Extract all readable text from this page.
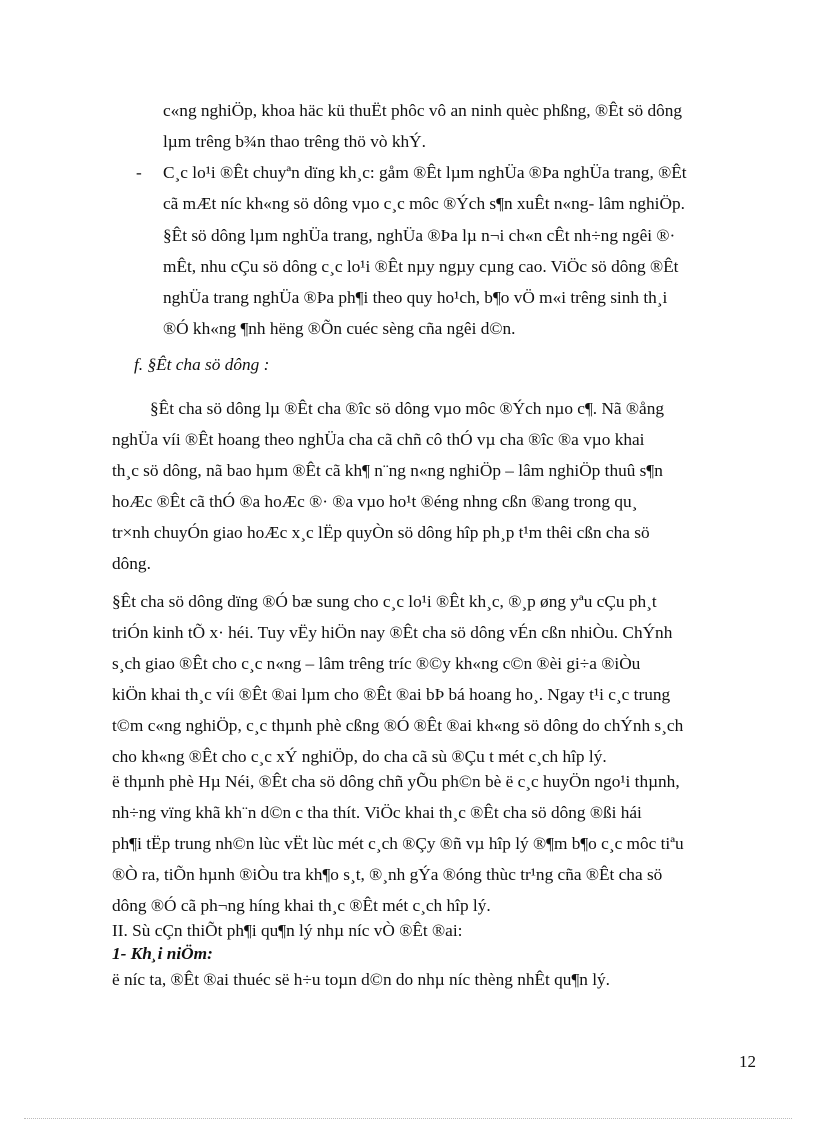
c«ng nghiÖp, khoa häc kü thuËt phôc vô an ninh quèc phßng, ®Êt sö dông
lµm trêng b¾n thao trêng thö vò khÝ.
- C¸c lo¹i ®Êt chuyªn dïng kh¸c: gåm ®Êt lµm nghÜa ®Þa nghÜa trang, ®Êt
cã mÆt níc kh«ng sö dông vµo c¸c môc ®Ých s¶n xuÊt n«ng- lâm nghiÖp.
§Êt sö dông lµm nghÜa trang, nghÜa ®Þa lµ n¬i ch«n cÊt nh÷ng ngêi ®·
mÊt, nhu cÇu sö dông c¸c lo¹i ®Êt nµy ngµy cµng cao. ViÖc sö dông ®Êt
nghÜa trang nghÜa ®Þa ph¶i theo quy ho¹ch, b¶o vÖ m«i trêng sinh th¸i
®Ó kh«ng ¶nh hëng ®Õn cuéc sèng cña ngêi d©n.
f. §Êt cha sö dông :
§Êt cha sö dông lµ ®Êt cha ®îc sö dông vµo môc ®Ých nµo c¶. Nã ®ång
nghÜa víi ®Êt hoang theo nghÜa cha cã chñ cô thÓ vµ cha ®îc ®a vµo khai
th¸c sö dông, nã bao hµm ®Êt cã kh¶ n¨ng n«ng nghiÖp – lâm nghiÖp thuû s¶n
hoÆc ®Êt cã thÓ ®a hoÆc ®· ®a vµo ho¹t ®éng nhng cßn ®ang trong qu¸
tr×nh chuyÓn giao hoÆc x¸c lËp quyÒn sö dông hîp ph¸p t¹m thêi cßn cha sö
dông.
§Êt cha sö dông dïng ®Ó bæ sung cho c¸c lo¹i ®Êt kh¸c, ®¸p øng yªu cÇu ph¸t
triÓn kinh tÕ x· héi. Tuy vËy hiÖn nay ®Êt cha sö dông vÉn cßn nhiÒu. ChÝnh
s¸ch giao ®Êt cho c¸c n«ng – lâm trêng tríc ®©y kh«ng c©n ®èi gi÷a ®iÒu
kiÖn khai th¸c víi ®Êt ®ai lµm cho ®Êt ®ai bÞ bá hoang ho¸. Ngay t¹i c¸c trung
t©m c«ng nghiÖp, c¸c thµnh phè cßng ®Ó ®Êt ®ai kh«ng sö dông do chÝnh s¸ch
cho kh«ng ®Êt cho c¸c xÝ nghiÖp, do cha cã sù ®Çu t mét c¸ch hîp lý.
ë thµnh phè Hµ Néi, ®Êt cha sö dông chñ yÕu ph©n bè ë c¸c huyÖn ngo¹i thµnh,
nh÷ng vïng khã kh¨n d©n c tha thít. ViÖc khai th¸c ®Êt cha sö dông ®ßi hái
ph¶i tËp trung nh©n lùc vËt lùc mét c¸ch ®Çy ®ñ vµ hîp lý ®¶m b¶o c¸c môc tiªu
®Ò ra, tiÕn hµnh ®iÒu tra kh¶o s¸t, ®¸nh gÝa ®óng thùc tr¹ng cña ®Êt cha sö
dông ®Ó cã ph¬ng híng khai th¸c ®Êt mét c¸ch hîp lý.
II. Sù cÇn thiÕt ph¶i qu¶n lý nhµ níc vÒ ®Êt ®ai:
1- Kh¸i niÖm:
ë níc ta, ®Êt ®ai thuéc së h÷u toµn d©n do nhµ níc thèng nhÊt qu¶n lý.
12
